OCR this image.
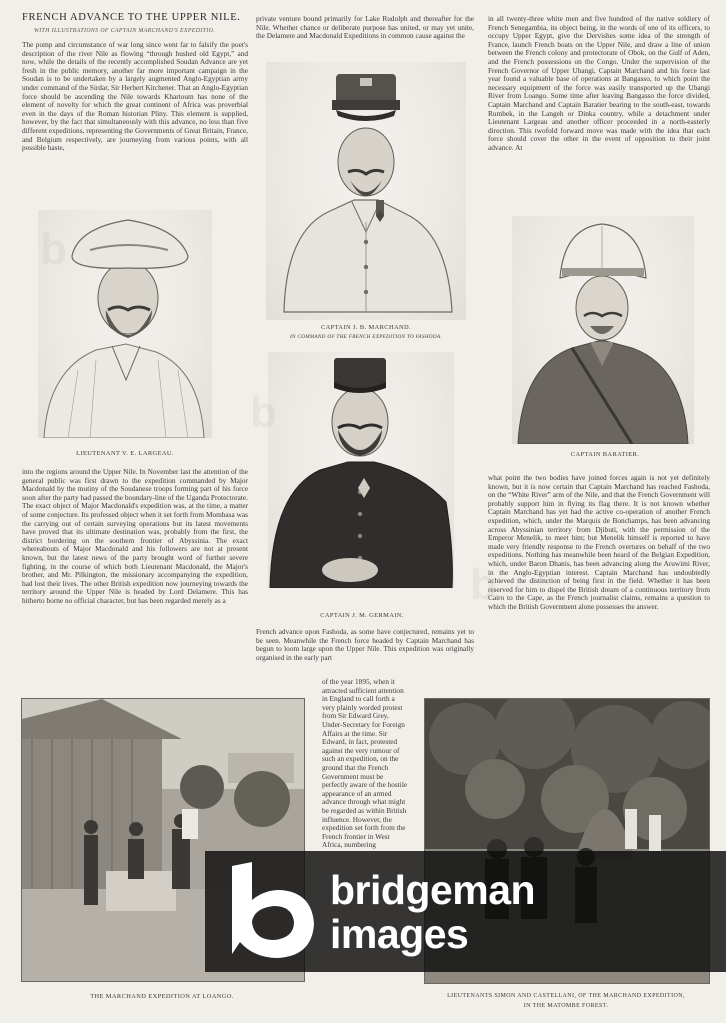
FRENCH ADVANCE TO THE UPPER NILE.
WITH ILLUSTRATIONS OF CAPTAIN MARCHAND'S EXPEDITIO.
The pomp and circumstance of war long since went far to falsify the poet's description of the river Nile as flowing “through hushed old Egypt,” and now, while the details of the recently accomplished Soudan Advance are yet fresh in the public memory, another far more important campaign in the Soudan is to be undertaken by a largely augmented Anglo-Egyptian army under command of the Sirdar, Sir Herbert Kitchener. That an Anglo-Egyptian force should be ascending the Nile towards Khartoum has none of the element of novelty for which the great continent of Africa was proverbial even in the days of the Roman historian Pliny. This element is supplied, however, by the fact that simultaneously with this advance, no less than five different expeditions, representing the Governments of Great Britain, France, and Belgium respectively, are journeying from various points, with all possible haste,
private venture bound primarily for Lake Rudolph and thereafter for the Nile. Whether chance or deliberate purpose has united, or may yet unite, the Delamere and Macdonald Expeditions in common cause against the
in all twenty-three white men and five hundred of the native soldiery of French Senegambia, its object being, in the words of one of its officers, to occupy Upper Egypt, give the Dervishes some idea of the strength of France, launch French boats on the Upper Nile, and draw a line of union between the French colony and protectorate of Obok, on the Gulf of Aden, and the French possessions on the Congo. Under the supervision of the French Governor of Upper Ubangi, Captain Marchand and his force last year found a valuable base of operations at Bangasso, to which point the necessary equipment of the force was easily transported up the Ubangi River from Loango. Some time after leaving Bangasso the force divided, Captain Marchand and Captain Baratier bearing to the south-east, towards Rumbek, in the Langeh or Dinka country, while a detachment under Lieutenant Largeau and another officer proceeded in a north-easterly direction. This twofold forward move was made with the idea that each force should cover the other in the event of opposition to their joint advance. At
into the regions around the Upper Nile. In November last the attention of the general public was first drawn to the expedition commanded by Major Macdonald by the mutiny of the Soudanese troops forming part of his force soon after the party had passed the boundary-line of the Uganda Protectorate. The exact object of Major Macdonald's expedition was, at the time, a matter of some conjecture. Its professed object when it set forth from Mombasa was the carrying out of certain surveying operations but its latest movements have proved that its ultimate destination was, probably from the first, the district bordering on the southern frontier of Abyssinia. The exact whereabouts of Major Macdonald and his followers are not at present known, but the latest news of the party brought word of further severe fighting, in the course of which both Lieutenant Macdonald, the Major's brother, and Mr. Pilkington, the missionary accompanying the expedition, had lost their lives. The other British expedition now journeying towards the territory around the Upper Nile is headed by Lord Delamere. This has hitherto borne no official character, but has been regarded merely as a
French advance upon Fashoda, as some have conjectured, remains yet to be seen. Meanwhile the French force headed by Captain Marchand has begun to loom large upon the Upper Nile. This expedition was originally organised in the early part
of the year 1895, when it attracted sufficient attention in England to call forth a very plainly worded protest from Sir Edward Grey, Under-Secretary for Foreign Affairs at the time. Sir Edward, in fact, protested against the very rumour of such an expedition, on the ground that the French Government must be perfectly aware of the hostile appearance of an armed advance through what might be regarded as within British influence. However, the expedition set forth from the French frontier in West Africa, numbering
what point the two bodies have joined forces again is not yet definitely known, but it is now certain that Captain Marchand has reached Fashoda, on the “White River” arm of the Nile, and that the French Government will probably support him in flying its flag there. It is not known whether Captain Marchand has yet had the active co-operation of another French expedition, which, under the Marquis de Bonchamps, has been advancing across Abyssinian territory from Djibuti, with the permission of the Emperor Menelik, to meet him; but Menelik himself is reported to have made very friendly response to the French overtures on behalf of the two expeditions. Nothing has meanwhile been heard of the Belgian Expedition, which, under Baron Dhanis, has been advancing along the Aruwimi River, in the Anglo-Egyptian interest. Captain Marchand has undoubtedly achieved the distinction of being first in the field. Whether it has been reserved for him to dispel the British dream of a continuous territory from Cairo to the Cape, as the French journalist claims, remains a question to which the British Government alone possesses the answer.
CAPTAIN J. B. MARCHAND.
IN COMMAND OF THE FRENCH EXPEDITION TO FASHODA.
LIEUTENANT V. E. LARGEAU.	CAPTAIN BARATIER.
CAPTAIN J. M. GERMAIN.
THE MARCHAND EXPEDITION AT LOANGO.	LIEUTENANTS SIMON AND CASTELLANI, OF THE MARCHAND EXPEDITION,
IN THE MATOMBE FOREST.
b
b
b
bridgeman
images
